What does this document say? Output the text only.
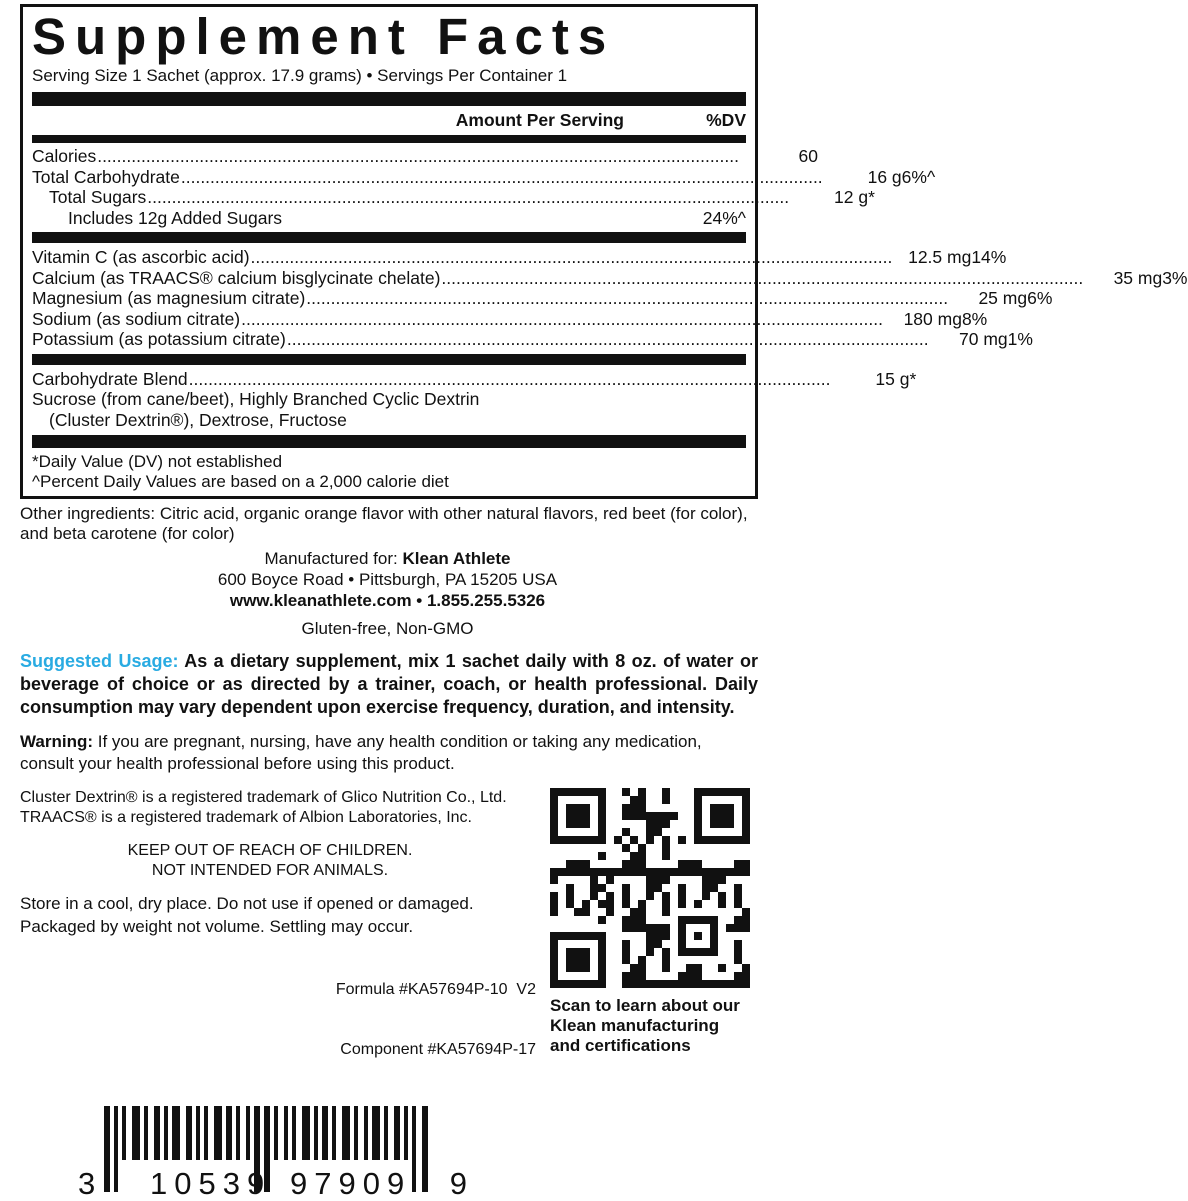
Supplement Facts
Serving Size 1 Sachet (approx. 17.9 grams) • Servings Per Container 1
Amount Per Serving	%DV
Calories .....	60
Total Carbohydrate .....	16 g 6%^
Total Sugars .....	12 g *
Includes 12g Added Sugars	24%^
Vitamin C (as ascorbic acid) .....	12.5 mg 14%
Calcium (as TRAACS® calcium bisglycinate chelate) .....	35 mg 3%
Magnesium (as magnesium citrate) .....	25 mg 6%
Sodium (as sodium citrate) .....	180 mg 8%
Potassium (as potassium citrate) .....	70 mg 1%
Carbohydrate Blend .....	15 g *
Sucrose (from cane/beet), Highly Branched Cyclic Dextrin
(Cluster Dextrin®), Dextrose, Fructose
*Daily Value (DV) not established
^Percent Daily Values are based on a 2,000 calorie diet
Other ingredients: Citric acid, organic orange flavor with other natural flavors, red beet (for color), and beta carotene (for color)
Manufactured for: Klean Athlete
600 Boyce Road • Pittsburgh, PA 15205 USA
www.kleanathlete.com • 1.855.255.5326
Gluten-free, Non-GMO
Suggested Usage: As a dietary supplement, mix 1 sachet daily with 8 oz. of water or beverage of choice or as directed by a trainer, coach, or health professional. Daily consumption may vary dependent upon exercise frequency, duration, and intensity.
Warning: If you are pregnant, nursing, have any health condition or taking any medication, consult your health professional before using this product.
Cluster Dextrin® is a registered trademark of Glico Nutrition Co., Ltd.
TRAACS® is a registered trademark of Albion Laboratories, Inc.
KEEP OUT OF REACH OF CHILDREN.
NOT INTENDED FOR ANIMALS.
Store in a cool, dry place. Do not use if opened or damaged.
Packaged by weight not volume. Settling may occur.

Formula #KA57694P-10  V2

Component #KA57694P-17

3 10539 97909 9
Scan to learn about our
Klean manufacturing
and certifications
